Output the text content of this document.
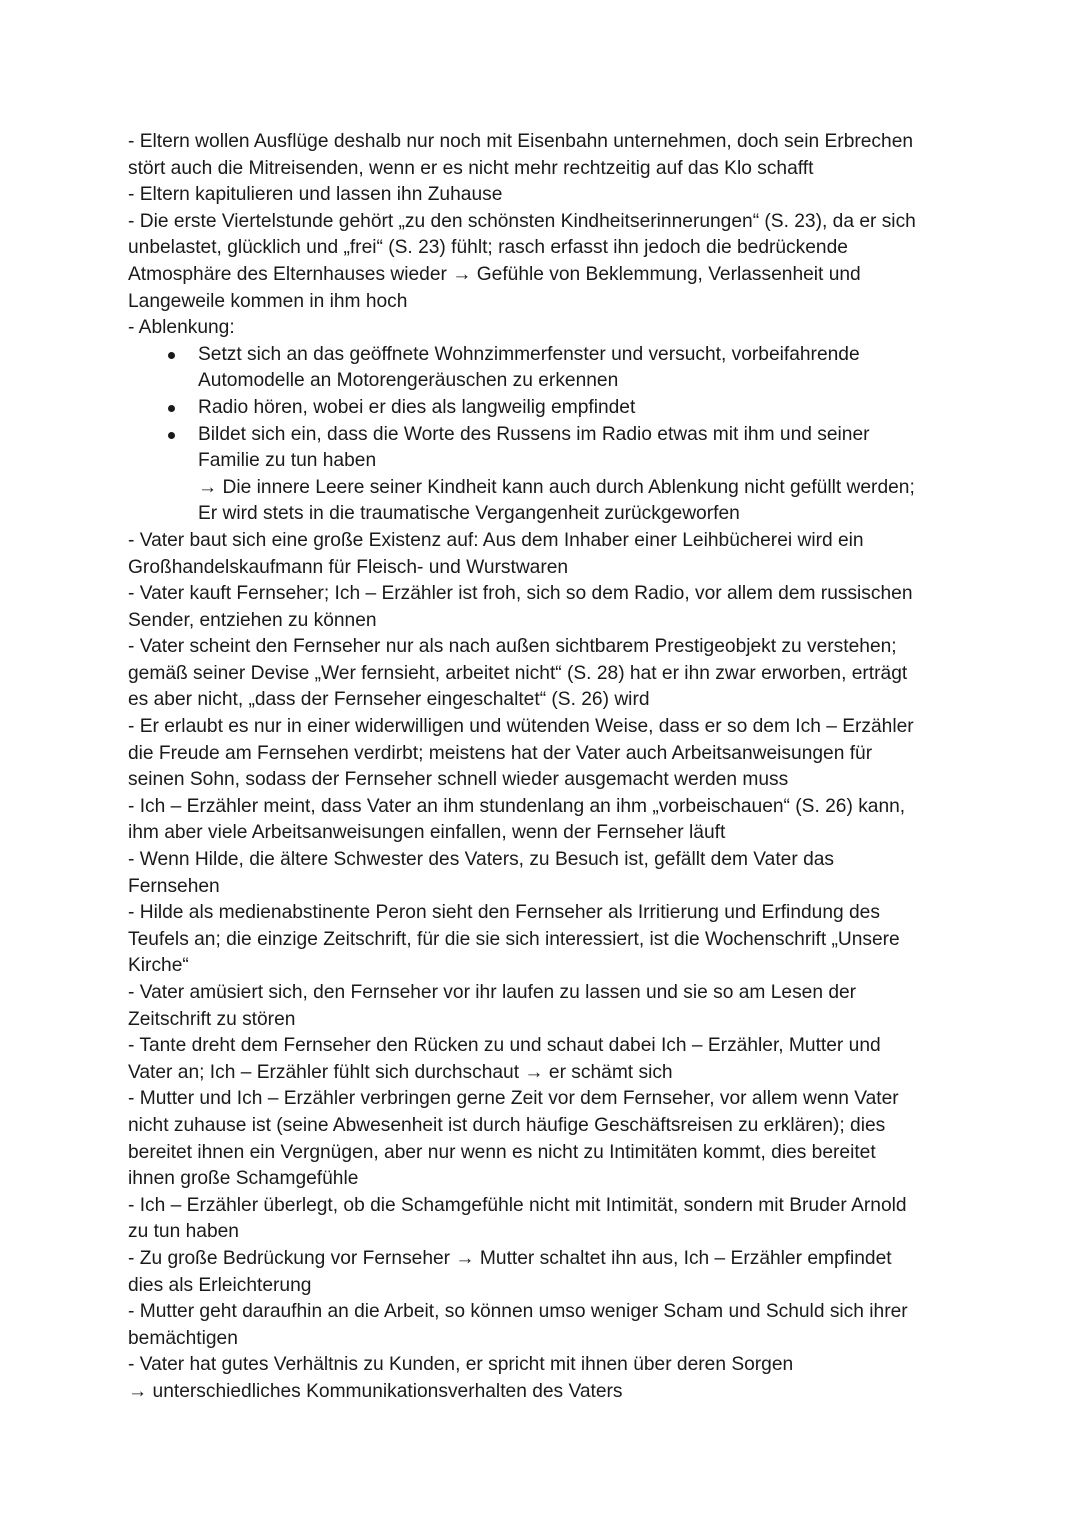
- Eltern wollen Ausflüge deshalb nur noch mit Eisenbahn unternehmen, doch sein Erbrechen
stört auch die Mitreisenden, wenn er es nicht mehr rechtzeitig auf das Klo schafft
- Eltern kapitulieren und lassen ihn Zuhause
- Die erste Viertelstunde gehört „zu den schönsten Kindheitserinnerungen“ (S. 23), da er sich
unbelastet, glücklich und „frei“ (S. 23) fühlt; rasch erfasst ihn jedoch die bedrückende
Atmosphäre des Elternhauses wieder → Gefühle von Beklemmung, Verlassenheit und
Langeweile kommen in ihm hoch
- Ablenkung:
Setzt sich an das geöffnete Wohnzimmerfenster und versucht, vorbeifahrende
Automodelle an Motorengeräuschen zu erkennen
Radio hören, wobei er dies als langweilig empfindet
Bildet sich ein, dass die Worte des Russens im Radio etwas mit ihm und seiner
Familie zu tun haben
→ Die innere Leere seiner Kindheit kann auch durch Ablenkung nicht gefüllt werden;
Er wird stets in die traumatische Vergangenheit zurückgeworfen
- Vater baut sich eine große Existenz auf: Aus dem Inhaber einer Leihbücherei wird ein
Großhandelskaufmann für Fleisch- und Wurstwaren
- Vater kauft Fernseher; Ich – Erzähler ist froh, sich so dem Radio, vor allem dem russischen
Sender, entziehen zu können
- Vater scheint den Fernseher nur als nach außen sichtbarem Prestigeobjekt zu verstehen;
gemäß seiner Devise „Wer fernsieht, arbeitet nicht“ (S. 28) hat er ihn zwar erworben, erträgt
es aber nicht, „dass der Fernseher eingeschaltet“ (S. 26) wird
- Er erlaubt es nur in einer widerwilligen und wütenden Weise, dass er so dem Ich – Erzähler
die Freude am Fernsehen verdirbt; meistens hat der Vater auch Arbeitsanweisungen für
seinen Sohn, sodass der Fernseher schnell wieder ausgemacht werden muss
- Ich – Erzähler meint, dass Vater an ihm stundenlang an ihm „vorbeischauen“ (S. 26) kann,
ihm aber viele Arbeitsanweisungen einfallen, wenn der Fernseher läuft
- Wenn Hilde, die ältere Schwester des Vaters, zu Besuch ist, gefällt dem Vater das
Fernsehen
- Hilde als medienabstinente Peron sieht den Fernseher als Irritierung und Erfindung des
Teufels an; die einzige Zeitschrift, für die sie sich interessiert, ist die Wochenschrift „Unsere
Kirche“
- Vater amüsiert sich, den Fernseher vor ihr laufen zu lassen und sie so am Lesen der
Zeitschrift zu stören
- Tante dreht dem Fernseher den Rücken zu und schaut dabei Ich – Erzähler, Mutter und
Vater an; Ich – Erzähler fühlt sich durchschaut → er schämt sich
- Mutter und Ich – Erzähler verbringen gerne Zeit vor dem Fernseher, vor allem wenn Vater
nicht zuhause ist (seine Abwesenheit ist durch häufige Geschäftsreisen zu erklären); dies
bereitet ihnen ein Vergnügen, aber nur wenn es nicht zu Intimitäten kommt, dies bereitet
ihnen große Schamgefühle
- Ich – Erzähler überlegt, ob die Schamgefühle nicht mit Intimität, sondern mit Bruder Arnold
zu tun haben
- Zu große Bedrückung vor Fernseher → Mutter schaltet ihn aus, Ich – Erzähler empfindet
dies als Erleichterung
- Mutter geht daraufhin an die Arbeit, so können umso weniger Scham und Schuld sich ihrer
bemächtigen
- Vater hat gutes Verhältnis zu Kunden, er spricht mit ihnen über deren Sorgen
→ unterschiedliches Kommunikationsverhalten des Vaters
